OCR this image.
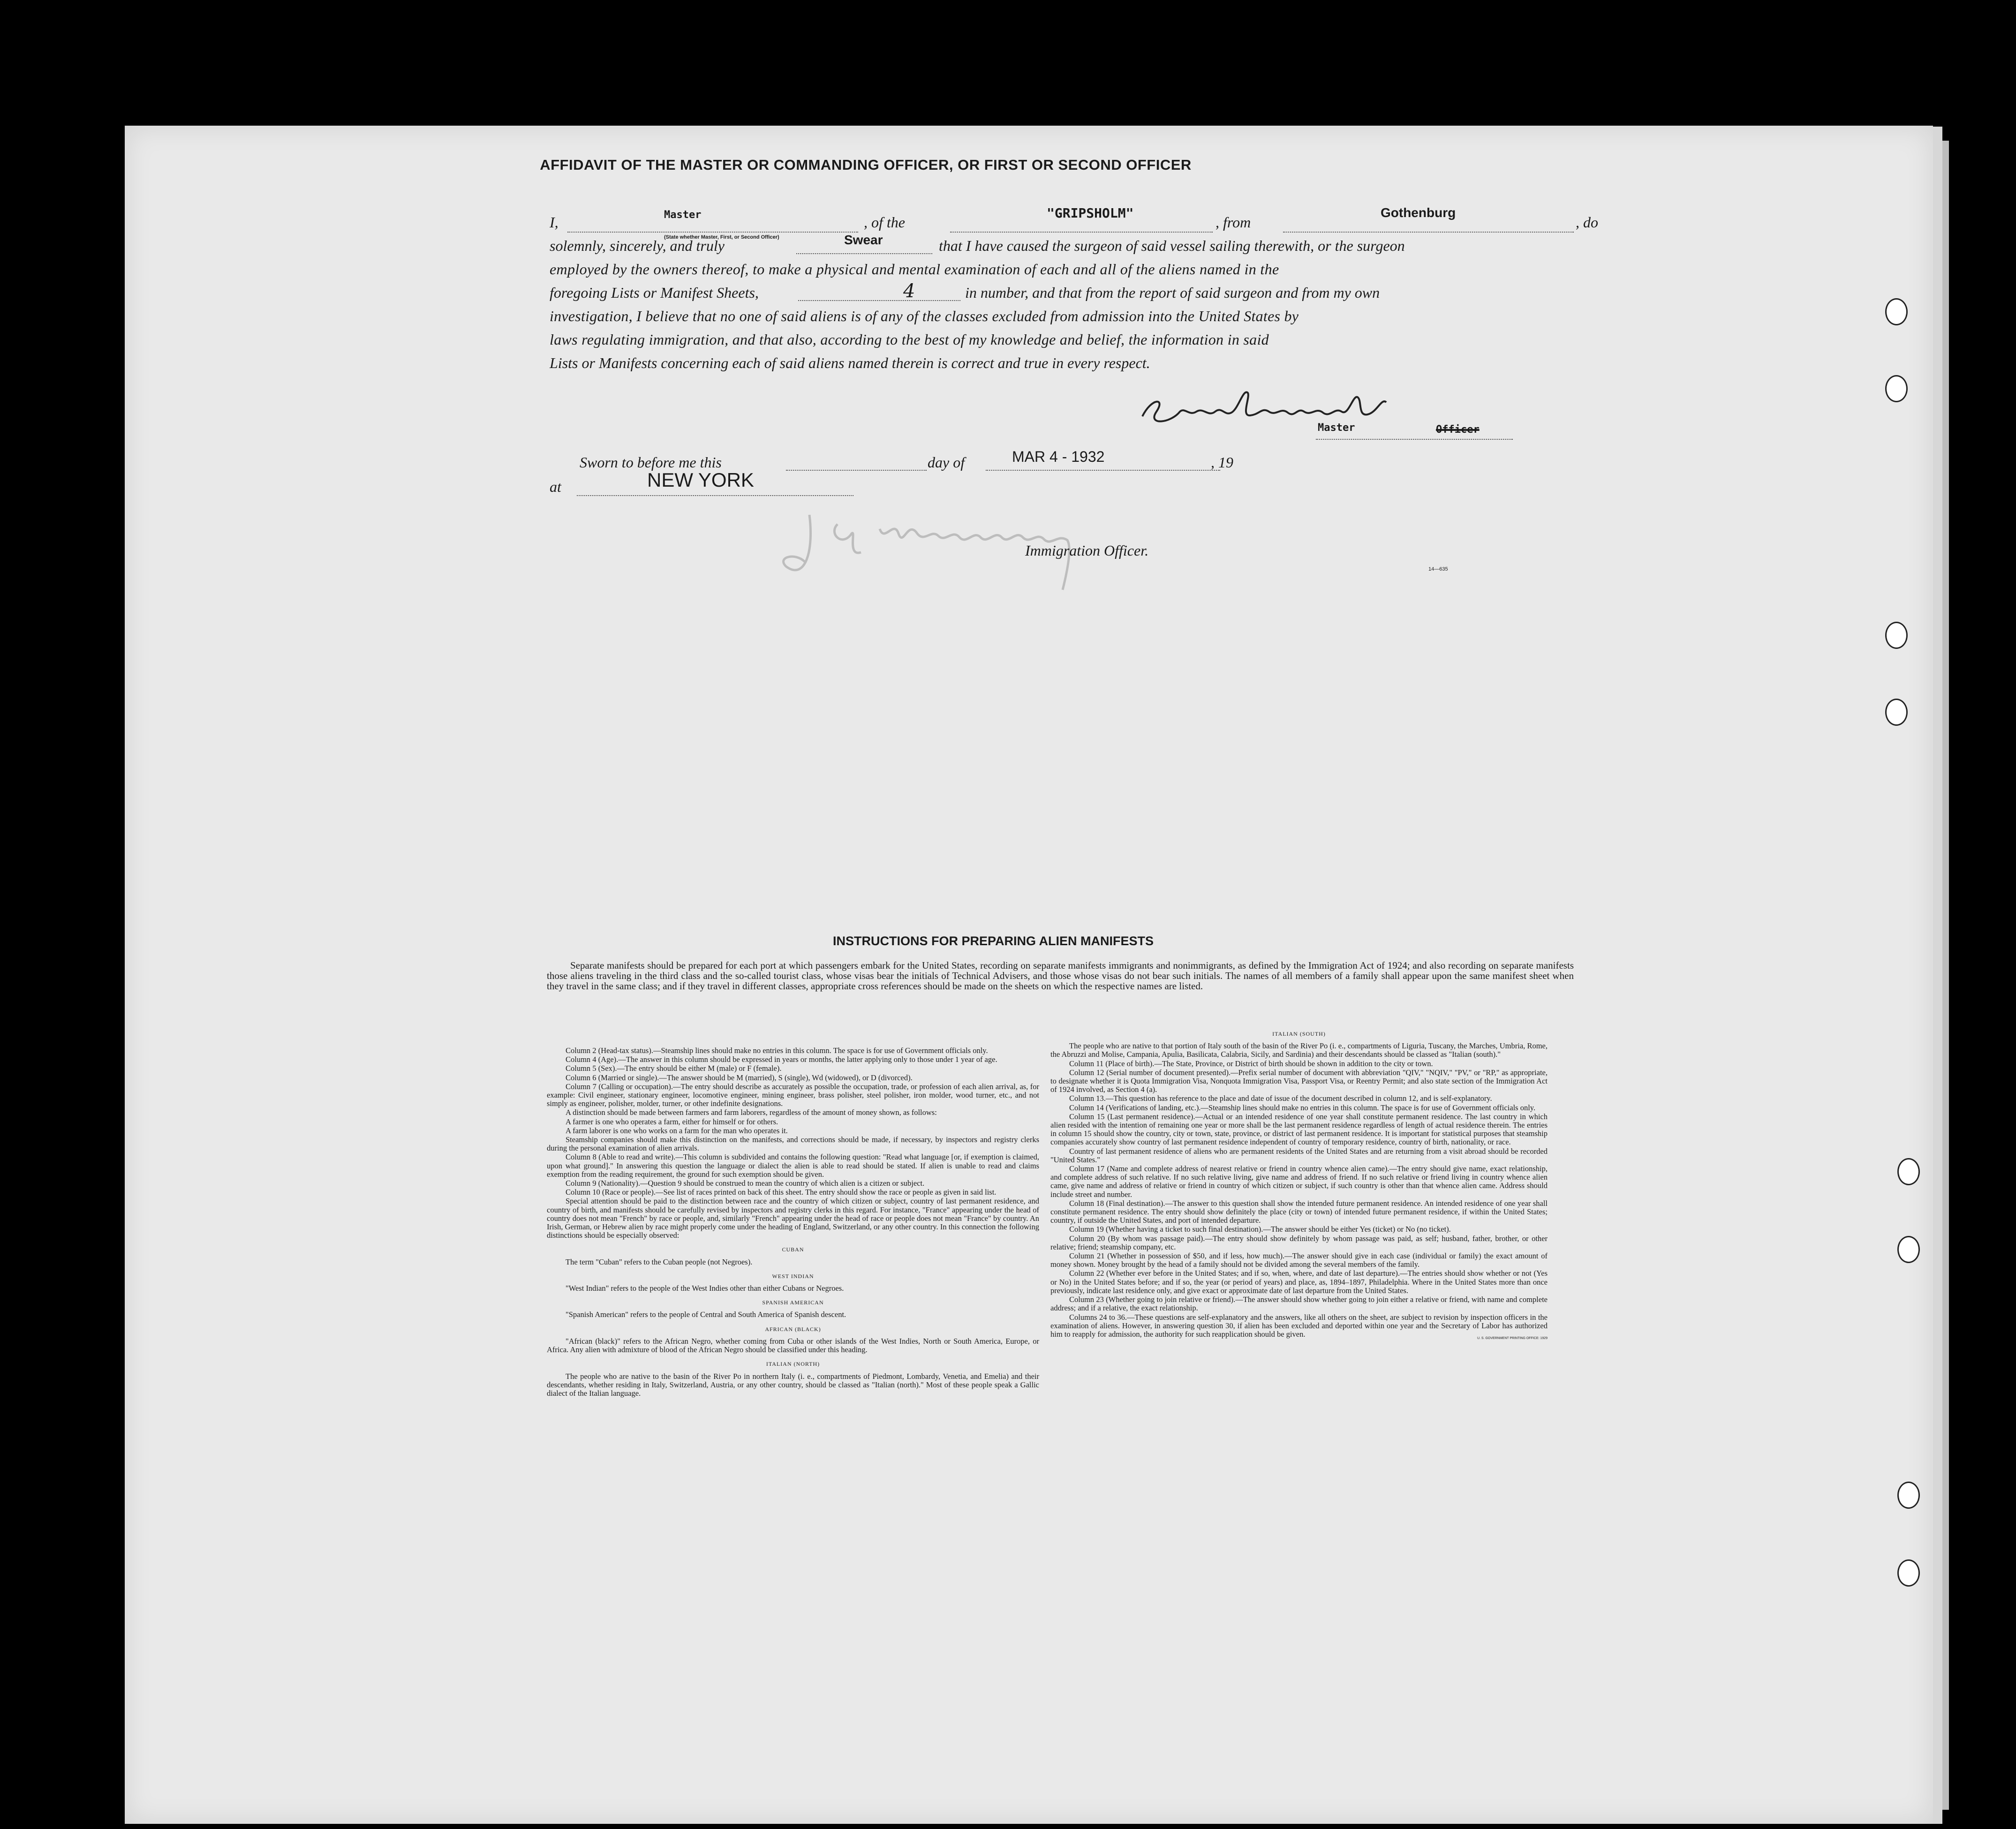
AFFIDAVIT OF THE MASTER OR COMMANDING OFFICER, OR FIRST OR SECOND OFFICER
I,	Master
(State whether Master, First, or Second Officer)
, of the
"GRIPSHOLM"
, from
Gothenburg
, do
solemnly, sincerely, and truly	Swear	that I have caused the surgeon of said vessel sailing therewith, or the surgeon
employed by the owners thereof, to make a physical and mental examination of each and all of the aliens named in the
foregoing Lists or Manifest Sheets,	4	in number, and that from the report of said surgeon and from my own
investigation, I believe that no one of said aliens is of any of the classes excluded from admission into the United States by
laws regulating immigration, and that also, according to the best of my knowledge and belief, the information in said
Lists or Manifests concerning each of said aliens named therein is correct and true in every respect.
Master	Officer
Sworn to before me this	day of	MAR 4 - 1932	, 19
at	NEW YORK
Immigration Officer.
14—635
INSTRUCTIONS FOR PREPARING ALIEN MANIFESTS
Separate manifests should be prepared for each port at which passengers embark for the United States, recording on separate manifests immigrants and nonimmigrants, as defined by the Immigration Act of 1924; and also recording on separate manifests those aliens traveling in the third class and the so-called tourist class, whose visas bear the initials of Technical Advisers, and those whose visas do not bear such initials. The names of all members of a family shall appear upon the same manifest sheet when they travel in the same class; and if they travel in different classes, appropriate cross references should be made on the sheets on which the respective names are listed.

Column 2 (Head-tax status).—Steamship lines should make no entries in this column. The space is for use of Government officials only.

Column 4 (Age).—The answer in this column should be expressed in years or months, the latter applying only to those under 1 year of age.

Column 5 (Sex).—The entry should be either M (male) or F (female).

Column 6 (Married or single).—The answer should be M (married), S (single), Wd (widowed), or D (divorced).

Column 7 (Calling or occupation).—The entry should describe as accurately as possible the occupation, trade, or profession of each alien arrival, as, for example: Civil engineer, stationary engineer, locomotive engineer, mining engineer, brass polisher, steel polisher, iron molder, wood turner, etc., and not simply as engineer, polisher, molder, turner, or other indefinite designations.

A distinction should be made between farmers and farm laborers, regardless of the amount of money shown, as follows:

A farmer is one who operates a farm, either for himself or for others.

A farm laborer is one who works on a farm for the man who operates it.

Steamship companies should make this distinction on the manifests, and corrections should be made, if necessary, by inspectors and registry clerks during the personal examination of alien arrivals.

Column 8 (Able to read and write).—This column is subdivided and contains the following question: "Read what language [or, if exemption is claimed, upon what ground]." In answering this question the language or dialect the alien is able to read should be stated. If alien is unable to read and claims exemption from the reading requirement, the ground for such exemption should be given.

Column 9 (Nationality).—Question 9 should be construed to mean the country of which alien is a citizen or subject.

Column 10 (Race or people).—See list of races printed on back of this sheet. The entry should show the race or people as given in said list.

Special attention should be paid to the distinction between race and the country of which citizen or subject, country of last permanent residence, and country of birth, and manifests should be carefully revised by inspectors and registry clerks in this regard. For instance, "France" appearing under the head of country does not mean "French" by race or people, and, similarly "French" appearing under the head of race or people does not mean "France" by country. An Irish, German, or Hebrew alien by race might properly come under the heading of England, Switzerland, or any other country. In this connection the following distinctions should be especially observed:

CUBAN

The term "Cuban" refers to the Cuban people (not Negroes).

WEST INDIAN

"West Indian" refers to the people of the West Indies other than either Cubans or Negroes.

SPANISH AMERICAN

"Spanish American" refers to the people of Central and South America of Spanish descent.

AFRICAN (BLACK)

"African (black)" refers to the African Negro, whether coming from Cuba or other islands of the West Indies, North or South America, Europe, or Africa. Any alien with admixture of blood of the African Negro should be classified under this heading.

ITALIAN (NORTH)

The people who are native to the basin of the River Po in northern Italy (i. e., compartments of Piedmont, Lombardy, Venetia, and Emelia) and their descendants, whether residing in Italy, Switzerland, Austria, or any other country, should be classed as "Italian (north)." Most of these people speak a Gallic dialect of the Italian language.

ITALIAN (SOUTH)

The people who are native to that portion of Italy south of the basin of the River Po (i. e., compartments of Liguria, Tuscany, the Marches, Umbria, Rome, the Abruzzi and Molise, Campania, Apulia, Basilicata, Calabria, Sicily, and Sardinia) and their descendants should be classed as "Italian (south)."

Column 11 (Place of birth).—The State, Province, or District of birth should be shown in addition to the city or town.

Column 12 (Serial number of document presented).—Prefix serial number of document with abbreviation "QIV," "NQIV," "PV," or "RP," as appropriate, to designate whether it is Quota Immigration Visa, Nonquota Immigration Visa, Passport Visa, or Reentry Permit; and also state section of the Immigration Act of 1924 involved, as Section 4 (a).

Column 13.—This question has reference to the place and date of issue of the document described in column 12, and is self-explanatory.

Column 14 (Verifications of landing, etc.).—Steamship lines should make no entries in this column. The space is for use of Government officials only.

Column 15 (Last permanent residence).—Actual or an intended residence of one year shall constitute permanent residence. The last country in which alien resided with the intention of remaining one year or more shall be the last permanent residence regardless of length of actual residence therein. The entries in column 15 should show the country, city or town, state, province, or district of last permanent residence. It is important for statistical purposes that steamship companies accurately show country of last permanent residence independent of country of temporary residence, country of birth, nationality, or race.

Country of last permanent residence of aliens who are permanent residents of the United States and are returning from a visit abroad should be recorded "United States."

Column 17 (Name and complete address of nearest relative or friend in country whence alien came).—The entry should give name, exact relationship, and complete address of such relative. If no such relative living, give name and address of friend. If no such relative or friend living in country whence alien came, give name and address of relative or friend in country of which citizen or subject, if such country is other than that whence alien came. Address should include street and number.

Column 18 (Final destination).—The answer to this question shall show the intended future permanent residence. An intended residence of one year shall constitute permanent residence. The entry should show definitely the place (city or town) of intended future permanent residence, if within the United States; country, if outside the United States, and port of intended departure.

Column 19 (Whether having a ticket to such final destination).—The answer should be either Yes (ticket) or No (no ticket).

Column 20 (By whom was passage paid).—The entry should show definitely by whom passage was paid, as self; husband, father, brother, or other relative; friend; steamship company, etc.

Column 21 (Whether in possession of $50, and if less, how much).—The answer should give in each case (individual or family) the exact amount of money shown. Money brought by the head of a family should not be divided among the several members of the family.

Column 22 (Whether ever before in the United States; and if so, when, where, and date of last departure).—The entries should show whether or not (Yes or No) in the United States before; and if so, the year (or period of years) and place, as, 1894–1897, Philadelphia. Where in the United States more than once previously, indicate last residence only, and give exact or approximate date of last departure from the United States.

Column 23 (Whether going to join relative or friend).—The answer should show whether going to join either a relative or friend, with name and complete address; and if a relative, the exact relationship.

Columns 24 to 36.—These questions are self-explanatory and the answers, like all others on the sheet, are subject to revision by inspection officers in the examination of aliens. However, in answering question 30, if alien has been excluded and deported within one year and the Secretary of Labor has authorized him to reapply for admission, the authority for such reapplication should be given.	U. S. GOVERNMENT PRINTING OFFICE: 1929
